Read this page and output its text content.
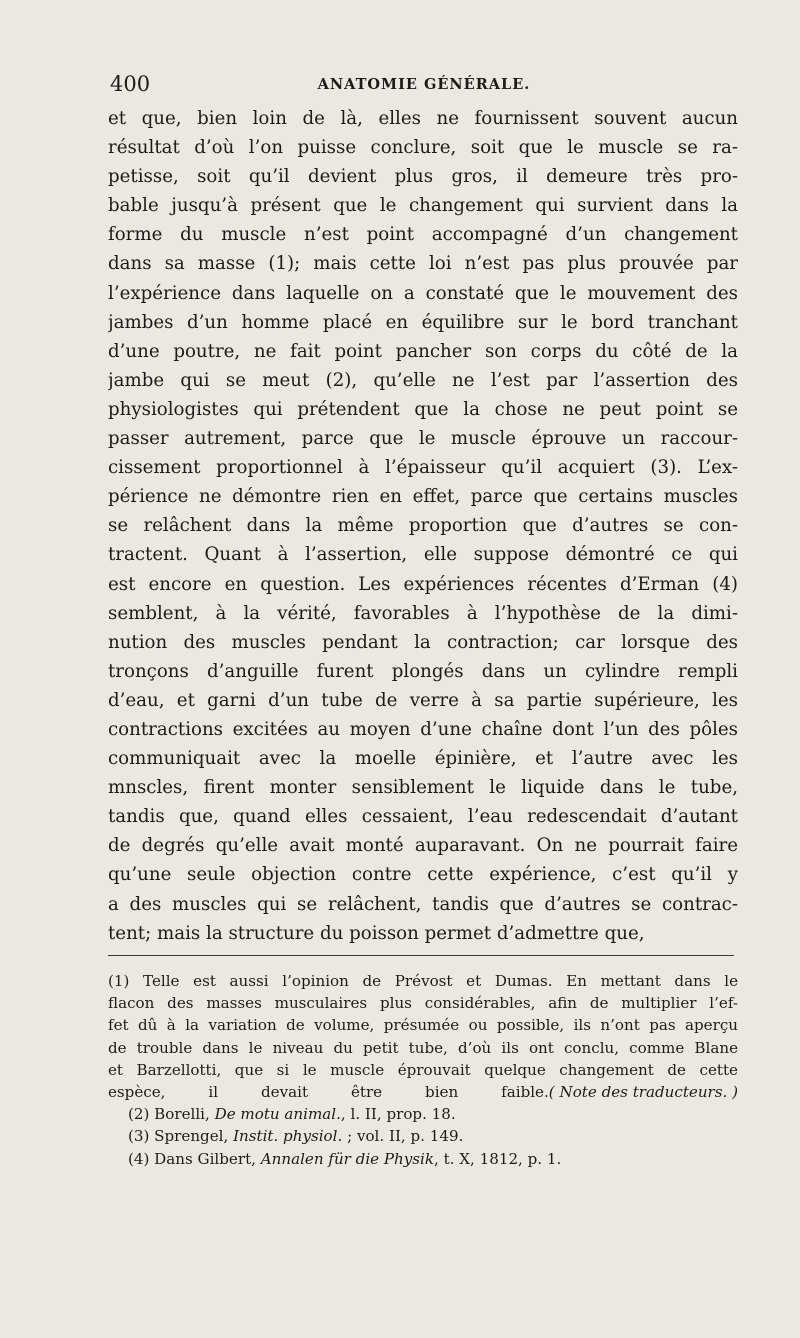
400	ANATOMIE GÉNÉRALE.
et que, bien loin de là, elles ne fournissent souvent aucun
résultat d’où l’on puisse conclure, soit que le muscle se ra-
petisse, soit qu’il devient plus gros, il demeure très pro-
bable jusqu’à présent que le changement qui survient dans la
forme du muscle n’est point accompagné d’un changement
dans sa masse (1); mais cette loi n’est pas plus prouvée par
l’expérience dans laquelle on a constaté que le mouvement des
jambes d’un homme placé en équilibre sur le bord tranchant
d’une poutre, ne fait point pancher son corps du côté de la
jambe qui se meut (2), qu’elle ne l’est par l’assertion des
physiologistes qui prétendent que la chose ne peut point se
passer autrement, parce que le muscle éprouve un raccour-
cissement proportionnel à l’épaisseur qu’il acquiert (3). L’ex-
périence ne démontre rien en effet, parce que certains muscles
se relâchent dans la même proportion que d’autres se con-
tractent. Quant à l’assertion, elle suppose démontré ce qui
est encore en question. Les expériences récentes d’Erman (4)
semblent, à la vérité, favorables à l’hypothèse de la dimi-
nution des muscles pendant la contraction; car lorsque des
tronçons d’anguille furent plongés dans un cylindre rempli
d’eau, et garni d’un tube de verre à sa partie supérieure, les
contractions excitées au moyen d’une chaîne dont l’un des pôles
communiquait avec la moelle épinière, et l’autre avec les
mnscles, firent monter sensiblement le liquide dans le tube,
tandis que, quand elles cessaient, l’eau redescendait d’autant
de degrés qu’elle avait monté auparavant. On ne pourrait faire
qu’une seule objection contre cette expérience, c’est qu’il y
a des muscles qui se relâchent, tandis que d’autres se contrac-
tent; mais la structure du poisson permet d’admettre que,
(1) Telle est aussi l’opinion de Prévost et Dumas. En mettant dans le
flacon des masses musculaires plus considérables, afin de multiplier l’ef-
fet dû à la variation de volume, présumée ou possible, ils n’ont pas aperçu
de trouble dans le niveau du petit tube, d’où ils ont conclu, comme Blane
et Barzellotti, que si le muscle éprouvait quelque changement de cette
espèce, il devait être bien faible. ( Note des traducteurs. )
(2) Borelli, De motu animal., l. II, prop. 18.
(3) Sprengel, Instit. physiol. ; vol. II, p. 149.
(4) Dans Gilbert, Annalen für die Physik, t. X, 1812, p. 1.
